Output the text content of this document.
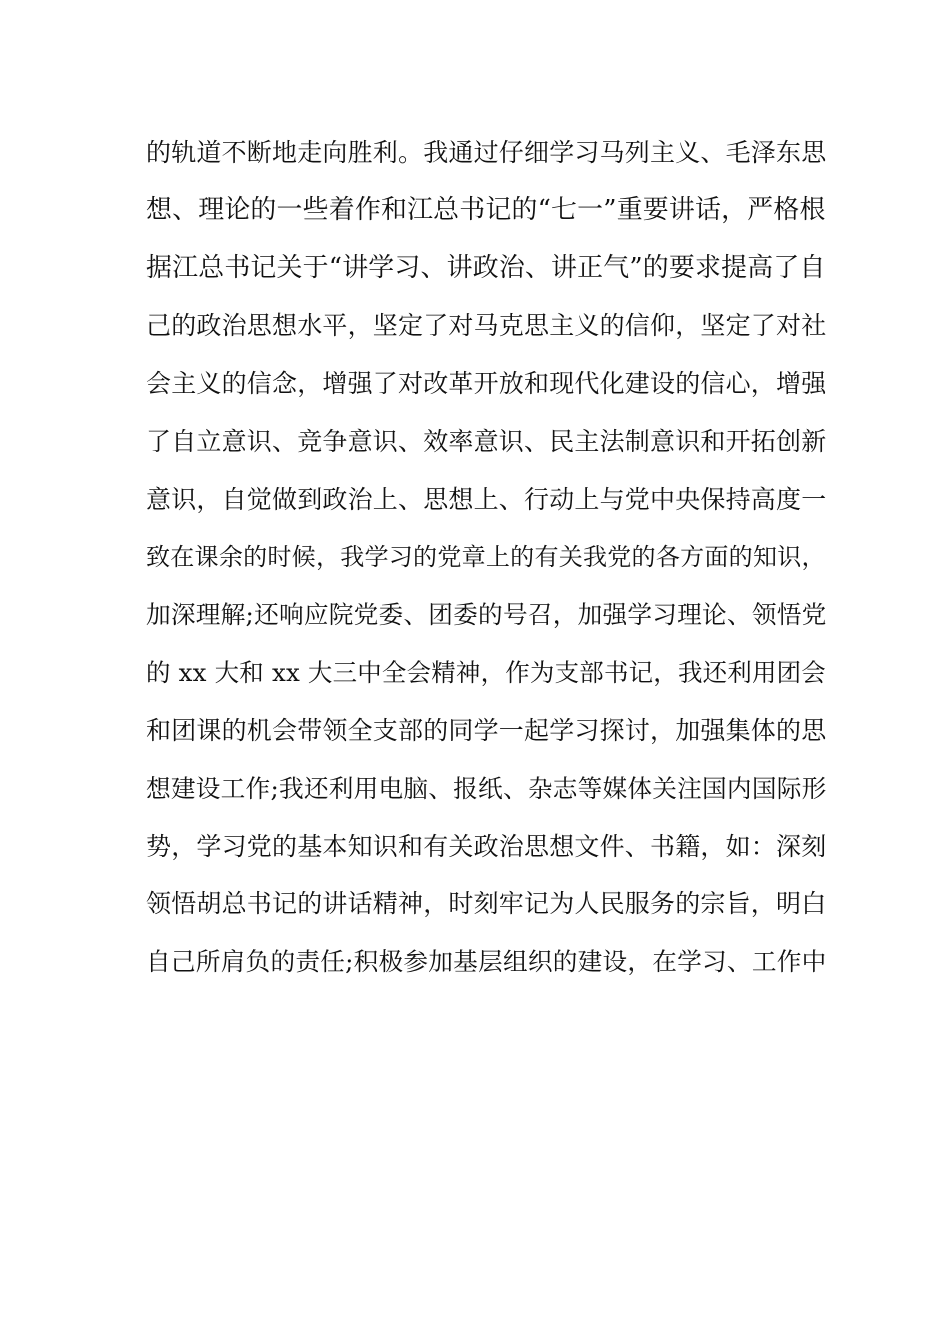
的轨道不断地走向胜利。我通过仔细学习马列主义、毛泽东思
想、理论的一些着作和江总书记的“七一”重要讲话，严格根
据江总书记关于“讲学习、讲政治、讲正气”的要求提高了自
己的政治思想水平，坚定了对马克思主义的信仰，坚定了对社
会主义的信念，增强了对改革开放和现代化建设的信心，增强
了自立意识、竞争意识、效率意识、民主法制意识和开拓创新
意识，自觉做到政治上、思想上、行动上与党中央保持高度一
致在课余的时候，我学习的党章上的有关我党的各方面的知识，
加深理解;还响应院党委、团委的号召，加强学习理论、领悟党
的 xx 大和 xx 大三中全会精神，作为支部书记，我还利用团会
和团课的机会带领全支部的同学一起学习探讨，加强集体的思
想建设工作;我还利用电脑、报纸、杂志等媒体关注国内国际形
势，学习党的基本知识和有关政治思想文件、书籍，如：深刻
领悟胡总书记的讲话精神，时刻牢记为人民服务的宗旨，明白
自己所肩负的责任;积极参加基层组织的建设，在学习、工作中
